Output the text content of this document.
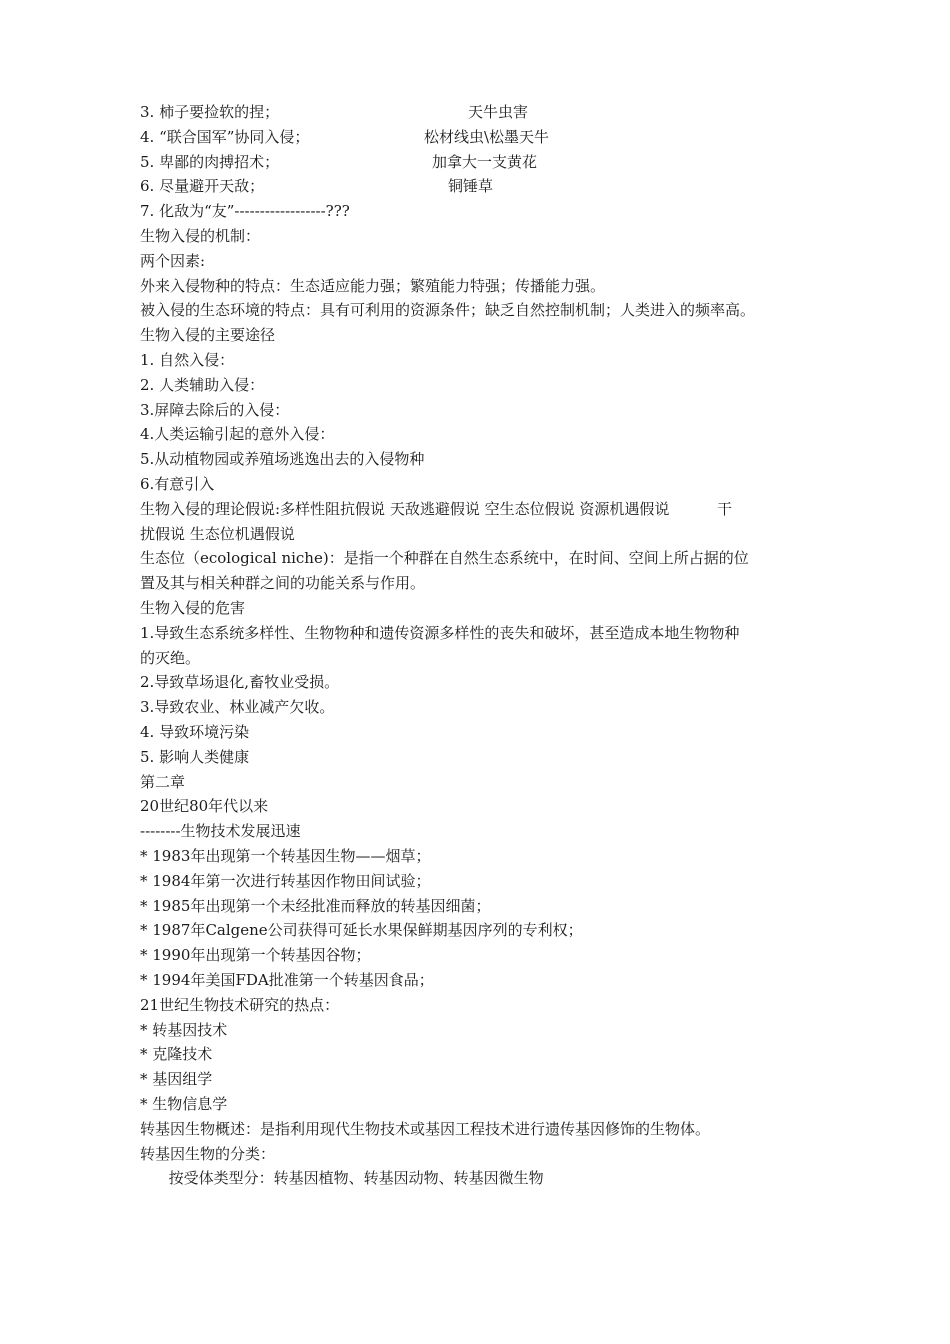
3. 柿子要捡软的捏；	天牛虫害
4. “联合国军”协同入侵；	松材线虫\松墨天牛
5. 卑鄙的肉搏招术；	加拿大一支黄花
6. 尽量避开天敌；	铜锤草
7. 化敌为“友”------------------???
生物入侵的机制：
两个因素:
外来入侵物种的特点：生态适应能力强；繁殖能力特强；传播能力强。
被入侵的生态环境的特点：具有可利用的资源条件；缺乏自然控制机制；人类进入的频率高。
生物入侵的主要途径
1. 自然入侵：
2. 人类辅助入侵：
3.屏障去除后的入侵：
4.人类运输引起的意外入侵：
5.从动植物园或养殖场逃逸出去的入侵物种
6.有意引入
生物入侵的理论假说:多样性阻抗假说 天敌逃避假说 空生态位假说 资源机遇假说          干
扰假说 生态位机遇假说
生态位（ecological niche)：是指一个种群在自然生态系统中，在时间、空间上所占据的位
置及其与相关种群之间的功能关系与作用。
生物入侵的危害
1.导致生态系统多样性、生物物种和遗传资源多样性的丧失和破坏，甚至造成本地生物物种
的灭绝。
2.导致草场退化,畜牧业受损。
3.导致农业、林业减产欠收。
4. 导致环境污染
5. 影响人类健康
第二章
20世纪80年代以来
--------生物技术发展迅速
* 1983年出现第一个转基因生物——烟草；
* 1984年第一次进行转基因作物田间试验；
* 1985年出现第一个未经批准而释放的转基因细菌；
* 1987年Calgene公司获得可延长水果保鲜期基因序列的专利权；
* 1990年出现第一个转基因谷物；
* 1994年美国FDA批准第一个转基因食品；
21世纪生物技术研究的热点：
* 转基因技术
* 克隆技术
* 基因组学
* 生物信息学
转基因生物概述：是指利用现代生物技术或基因工程技术进行遗传基因修饰的生物体。
转基因生物的分类：
按受体类型分：转基因植物、转基因动物、转基因微生物
